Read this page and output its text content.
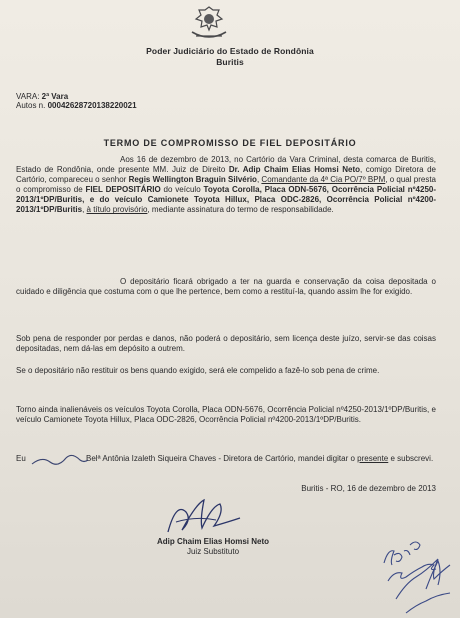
Poder Judiciário do Estado de Rondônia
Buritis
VARA: 2ª Vara
Autos n. 00042628720138220021
TERMO DE COMPROMISSO DE FIEL DEPOSITÁRIO
Aos 16 de dezembro de 2013, no Cartório da Vara Criminal, desta comarca de Buritis, Estado de Rondônia, onde presente MM. Juiz de Direito Dr. Adip Chaim Elias Homsi Neto, comigo Diretora de Cartório, compareceu o senhor Regis Wellington Braguin Silvério, Comandante da 4ª Cia PO/7º BPM, o qual presta o compromisso de FIEL DEPOSITÁRIO do veículo Toyota Corolla, Placa ODN-5676, Ocorrência Policial nº4250-2013/1ºDP/Buritis, e do veículo Camionete Toyota Hillux, Placa ODC-2826, Ocorrência Policial nº4200-2013/1ºDP/Buritis, à título provisório, mediante assinatura do termo de responsabilidade.
O depositário ficará obrigado a ter na guarda e conservação da coisa depositada o cuidado e diligência que costuma com o que lhe pertence, bem como a restituí-la, quando assim lhe for exigido.
Sob pena de responder por perdas e danos, não poderá o depositário, sem licença deste juízo, servir-se das coisas depositadas, nem dá-las em depósito a outrem.
Se o depositário não restituir os bens quando exigido, será ele compelido a fazê-lo sob pena de crime.
Torno ainda inalienáveis os veículos Toyota Corolla, Placa ODN-5676, Ocorrência Policial nº4250-2013/1ºDP/Buritis, e veículo Camionete Toyota Hillux, Placa ODC-2826, Ocorrência Policial nº4200-2013/1ºDP/Buritis.
Eu	Belª Antônia Izaleth Siqueira Chaves - Diretora de Cartório, mandei digitar o presente e subscrevi.
Buritis - RO, 16 de dezembro de 2013
Adip Chaim Elias Homsi Neto
Juiz Substituto
